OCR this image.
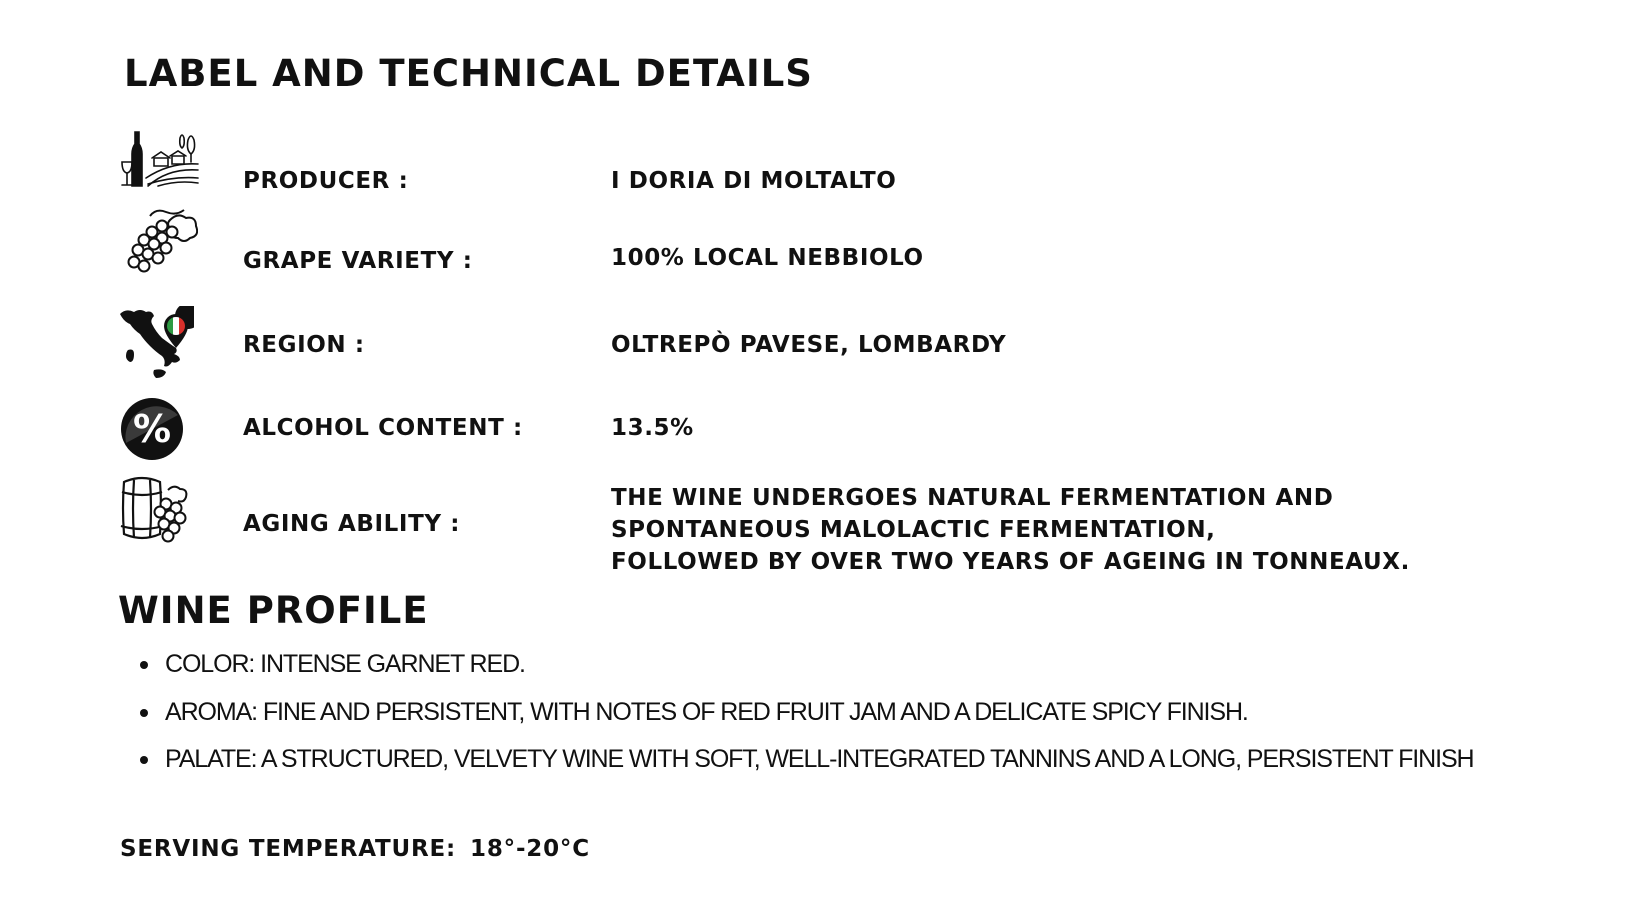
LABEL AND TECHNICAL DETAILS
PRODUCER :	I DORIA DI MOLTALTO
GRAPE VARIETY :	100% LOCAL NEBBIOLO
REGION :	OLTREPÒ PAVESE, LOMBARDY
%	ALCOHOL CONTENT :	13.5%
AGING ABILITY :
THE WINE UNDERGOES NATURAL FERMENTATION AND
SPONTANEOUS MALOLACTIC FERMENTATION,
FOLLOWED BY OVER TWO YEARS OF AGEING IN TONNEAUX.
WINE PROFILE
COLOR: INTENSE GARNET RED.
AROMA: FINE AND PERSISTENT, WITH NOTES OF RED FRUIT JAM AND A DELICATE SPICY FINISH.
PALATE: A STRUCTURED, VELVETY WINE WITH SOFT, WELL-INTEGRATED TANNINS AND A LONG, PERSISTENT FINISH
SERVING TEMPERATURE: 18°-20°C
